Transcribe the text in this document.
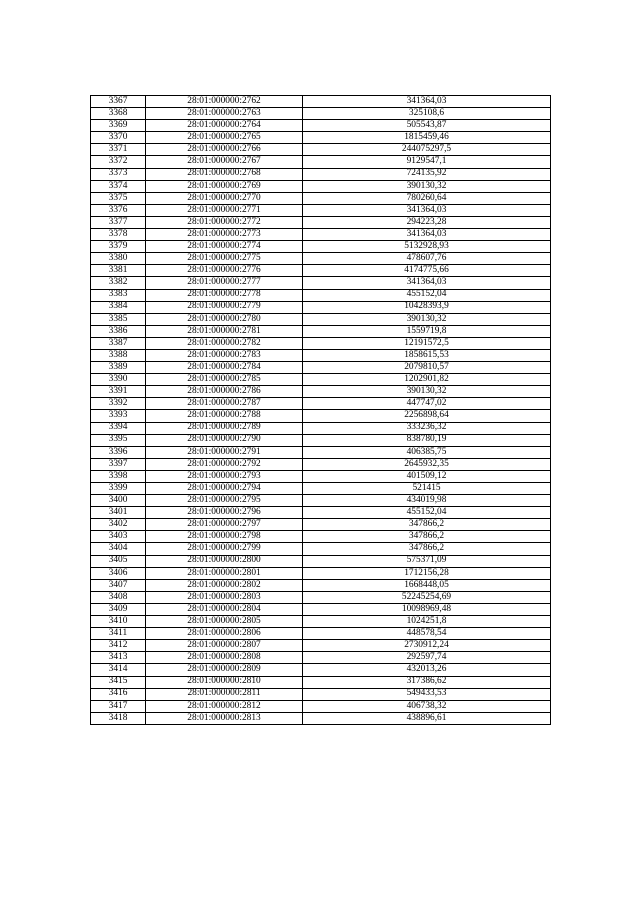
3367	28:01:000000:2762	341364,03
3368	28:01:000000:2763	325108,6
3369	28:01:000000:2764	505543,87
3370	28:01:000000:2765	1815459,46
3371	28:01:000000:2766	244075297,5
3372	28:01:000000:2767	9129547,1
3373	28:01:000000:2768	724135,92
3374	28:01:000000:2769	390130,32
3375	28:01:000000:2770	780260,64
3376	28:01:000000:2771	341364,03
3377	28:01:000000:2772	294223,28
3378	28:01:000000:2773	341364,03
3379	28:01:000000:2774	5132928,93
3380	28:01:000000:2775	478607,76
3381	28:01:000000:2776	4174775,66
3382	28:01:000000:2777	341364,03
3383	28:01:000000:2778	455152,04
3384	28:01:000000:2779	10428393,9
3385	28:01:000000:2780	390130,32
3386	28:01:000000:2781	1559719,8
3387	28:01:000000:2782	12191572,5
3388	28:01:000000:2783	1858615,53
3389	28:01:000000:2784	2079810,57
3390	28:01:000000:2785	1202901,82
3391	28:01:000000:2786	390130,32
3392	28:01:000000:2787	447747,02
3393	28:01:000000:2788	2256898,64
3394	28:01:000000:2789	333236,32
3395	28:01:000000:2790	838780,19
3396	28:01:000000:2791	406385,75
3397	28:01:000000:2792	2645932,35
3398	28:01:000000:2793	401509,12
3399	28:01:000000:2794	521415
3400	28:01:000000:2795	434019,98
3401	28:01:000000:2796	455152,04
3402	28:01:000000:2797	347866,2
3403	28:01:000000:2798	347866,2
3404	28:01:000000:2799	347866,2
3405	28:01:000000:2800	575371,09
3406	28:01:000000:2801	1712156,28
3407	28:01:000000:2802	1668448,05
3408	28:01:000000:2803	52245254,69
3409	28:01:000000:2804	10098969,48
3410	28:01:000000:2805	1024251,8
3411	28:01:000000:2806	448578,54
3412	28:01:000000:2807	2730912,24
3413	28:01:000000:2808	292597,74
3414	28:01:000000:2809	432013,26
3415	28:01:000000:2810	317386,62
3416	28:01:000000:2811	549433,53
3417	28:01:000000:2812	406738,32
3418	28:01:000000:2813	438896,61
